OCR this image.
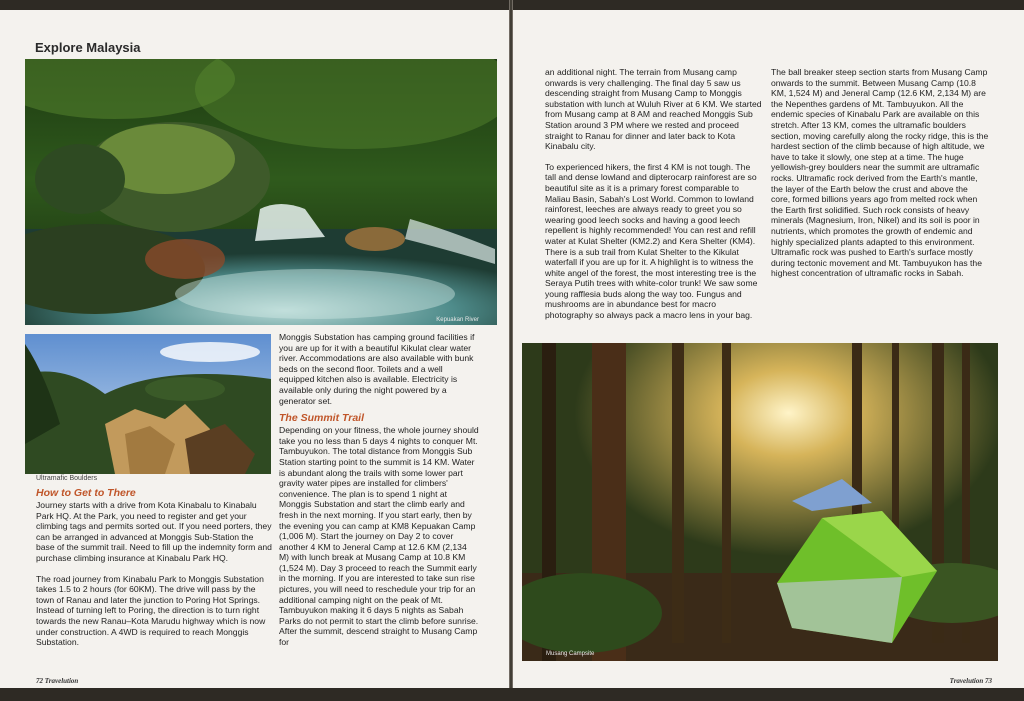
Explore Malaysia
Kepuakan River
Ultramafic Boulders
How to Get to There

Journey starts with a drive from Kota Kinabalu to Kinabalu Park HQ. At the Park, you need to register and get your climbing tags and permits sorted out. If you need porters, they can be arranged in advanced at Monggis Sub-Station the base of the summit trail. Need to fill up the indemnity form and purchase climbing insurance at Kinabalu Park HQ.

The road journey from Kinabalu Park to Monggis Substation takes 1.5 to 2 hours (for 60KM). The drive will pass by the town of Ranau and later the junction to Poring Hot Springs. Instead of turning left to Poring, the direction is to turn right towards the new Ranau–Kota Marudu highway which is now under construction. A 4WD is required to reach Monggis Substation.

Monggis Substation has camping ground facilities if you are up for it with a beautiful Kikulat clear water river. Accommodations are also available with bunk beds on the second floor. Toilets and a well equipped kitchen also is available. Electricity is available only during the night powered by a generator set.

The Summit Trail

Depending on your fitness, the whole journey should take you no less than 5 days 4 nights to conquer Mt. Tambuyukon. The total distance from Monggis Sub Station starting point to the summit is 14 KM. Water is abundant along the trails with some lower part gravity water pipes are installed for climbers' convenience. The plan is to spend 1 night at Monggis Substation and start the climb early and fresh in the next morning. If you start early, then by the evening you can camp at KM8 Kepuakan Camp (1,006 M). Start the journey on Day 2 to cover another 4 KM to Jeneral Camp at 12.6 KM (2,134 M) with lunch break at Musang Camp at 10.8 KM (1,524 M). Day 3 proceed to reach the Summit early in the morning. If you are interested to take sun rise pictures, you will need to reschedule your trip for an additional camping night on the peak of Mt. Tambuyukon making it 6 days 5 nights as Sabah Parks do not permit to start the climb before sunrise. After the summit, descend straight to Musang Camp for

72 Travelution

an additional night. The terrain from Musang camp onwards is very challenging. The final day 5 saw us descending straight from Musang Camp to Monggis substation with lunch at Wuluh River at 6 KM. We started from Musang camp at 8 AM and reached Monggis Sub Station around 3 PM where we rested and proceed straight to Ranau for dinner and later back to Kota Kinabalu city.

To experienced hikers, the first 4 KM is not tough. The tall and dense lowland and dipterocarp rainforest are so beautiful site as it is a primary forest comparable to Maliau Basin, Sabah's Lost World. Common to lowland rainforest, leeches are always ready to greet you so wearing good leech socks and having a good leech repellent is highly recommended! You can rest and refill water at Kulat Shelter (KM2.2) and Kera Shelter (KM4). There is a sub trail from Kulat Shelter to the Kikulat waterfall if you are up for it. A highlight is to witness the white angel of the forest, the most interesting tree is the Seraya Putih trees with white-color trunk! We saw some young rafflesia buds along the way too. Fungus and mushrooms are in abundance best for macro photography so always pack a macro lens in your bag.

The ball breaker steep section starts from Musang Camp onwards to the summit. Between Musang Camp (10.8 KM, 1,524 M) and Jeneral Camp (12.6 KM, 2,134 M) are the Nepenthes gardens of Mt. Tambuyukon. All the endemic species of Kinabalu Park are available on this stretch. After 13 KM, comes the ultramafic boulders section, moving carefully along the rocky ridge, this is the hardest section of the climb because of high altitude, we have to take it slowly, one step at a time. The huge yellowish-grey boulders near the summit are ultramafic rocks. Ultramafic rock derived from the Earth's mantle, the layer of the Earth below the crust and above the core, formed billions years ago from melted rock when the Earth first solidified. Such rock consists of heavy minerals (Magnesium, Iron, Nikel) and its soil is poor in nutrients, which promotes the growth of endemic and highly specialized plants adapted to this environment. Ultramafic rock was pushed to Earth's surface mostly during tectonic movement and Mt. Tambuyukon has the highest concentration of ultramafic rocks in Sabah.

Musang Campsite
Travelution 73
